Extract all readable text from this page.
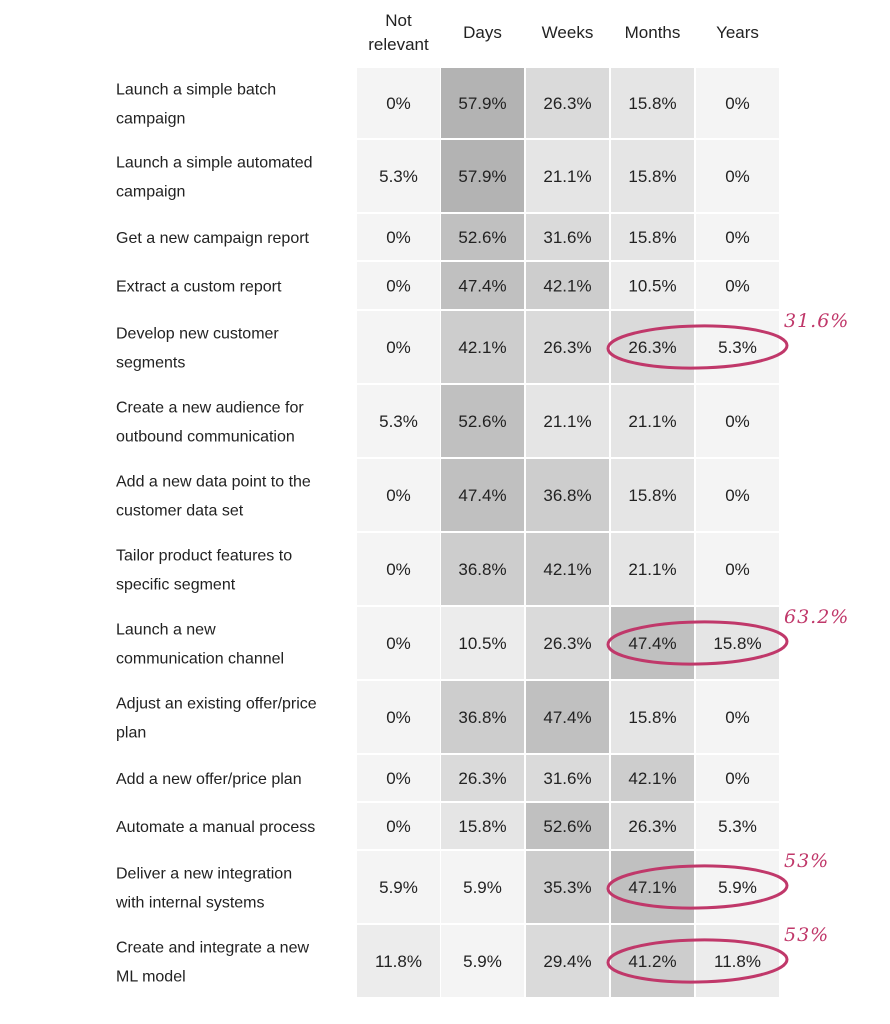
Not relevant
Days Weeks Months Years
Launch a simple batch campaign
0%	57.9% 26.3% 15.8%	0%
Launch a simple automated campaign
5.3% 57.9% 21.1% 15.8%	0%
Get a new campaign report	0%	52.6% 31.6% 15.8%	0%
Extract a custom report	0%	47.4% 42.1% 10.5%	0%
Develop new customer segments
0%	42.1% 26.3% 26.3% 5.3%
Create a new audience for outbound communication
5.3% 52.6% 21.1% 21.1%	0%
Add a new data point to the customer data set
0%	47.4% 36.8% 15.8%	0%
Tailor product features to specific segment
0%	36.8% 42.1% 21.1%	0%
Launch a new communication channel
0%	10.5% 26.3% 47.4% 15.8%
Adjust an existing offer/price plan
0%	36.8% 47.4% 15.8%	0%
Add a new offer/price plan	0%	26.3% 31.6% 42.1%	0%
Automate a manual process	0%	15.8% 52.6% 26.3% 5.3%
Deliver a new integration with internal systems
5.9%	5.9% 35.3% 47.1% 5.9%
Create and integrate a new ML model
11.8% 5.9% 29.4% 41.2% 11.8%
31.6%
63.2%
53%
53%
